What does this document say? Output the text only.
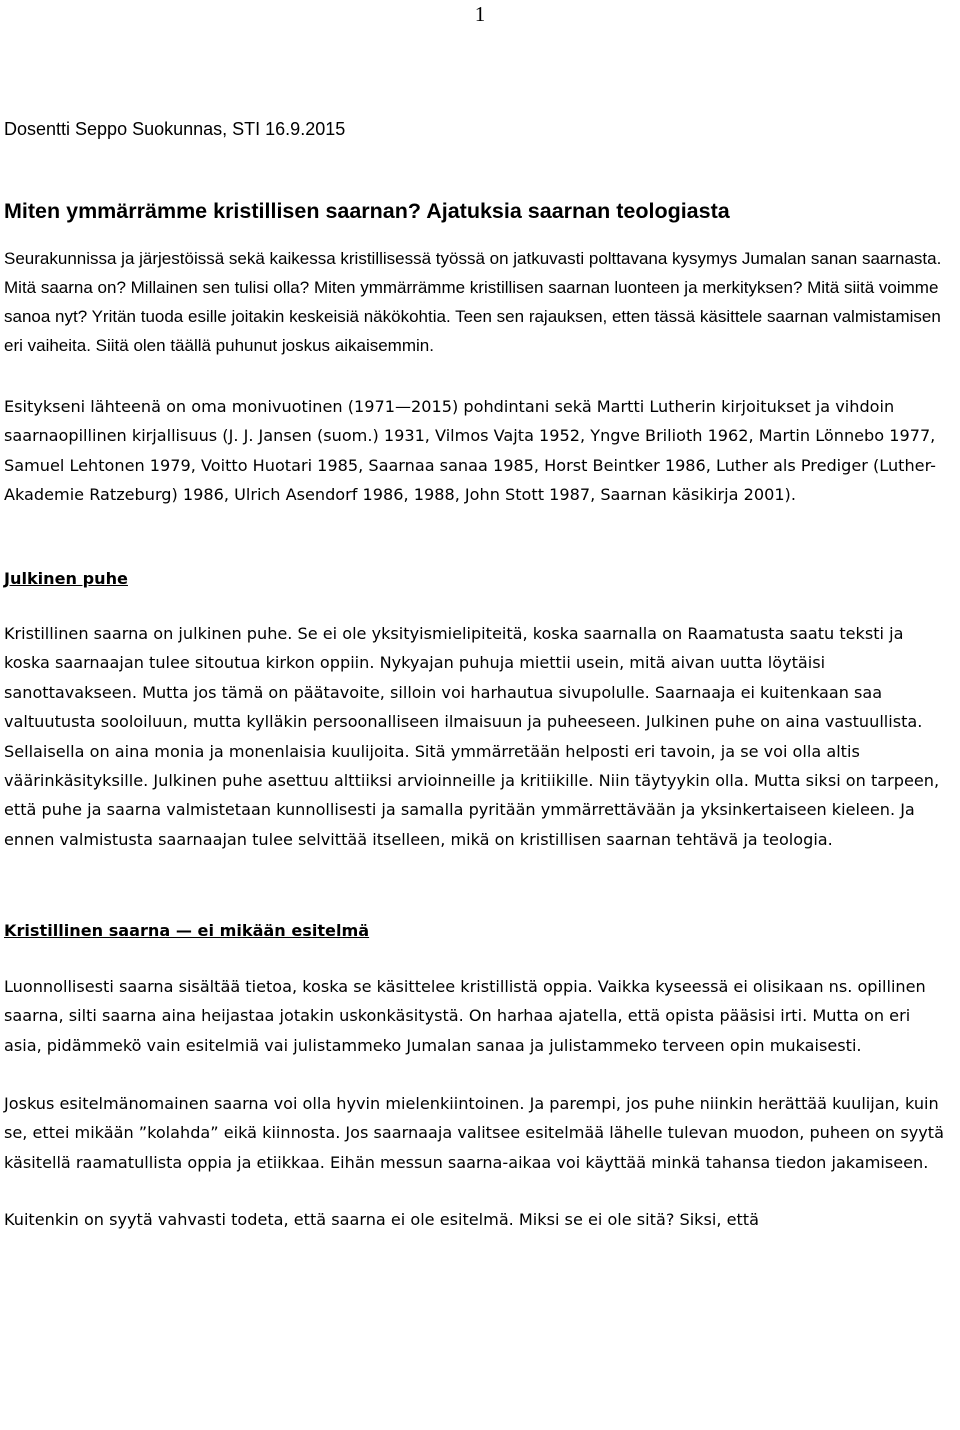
1

Dosentti Seppo Suokunnas, STI 16.9.2015

Miten ymmärrämme kristillisen saarnan? Ajatuksia saarnan teologiasta

Seurakunnissa ja järjestöissä sekä kaikessa kristillisessä työssä on jatkuvasti polttavana kysymys Jumalan sanan saarnasta. Mitä saarna on? Millainen sen tulisi olla? Miten ymmärrämme kristillisen saarnan luonteen ja merkityksen? Mitä siitä voimme sanoa nyt? Yritän tuoda esille joitakin keskeisiä näkökohtia. Teen sen rajauksen, etten tässä käsittele saarnan valmistamisen eri vaiheita. Siitä olen täällä puhunut joskus aikaisemmin.

Esitykseni lähteenä on oma monivuotinen (1971—2015) pohdintani sekä Martti Lutherin kirjoitukset ja vihdoin saarnaopillinen kirjallisuus (J. J. Jansen (suom.) 1931, Vilmos Vajta 1952, Yngve Brilioth 1962, Martin Lönnebo 1977, Samuel Lehtonen 1979, Voitto Huotari 1985, Saarnaa sanaa 1985, Horst Beintker 1986, Luther als Prediger (Luther-Akademie Ratzeburg) 1986, Ulrich Asendorf 1986, 1988, John Stott 1987, Saarnan käsikirja 2001).

Julkinen puhe

Kristillinen saarna on julkinen puhe. Se ei ole yksityismielipiteitä, koska saarnalla on Raamatusta saatu teksti ja koska saarnaajan tulee sitoutua kirkon oppiin. Nykyajan puhuja miettii usein, mitä aivan uutta löytäisi sanottavakseen. Mutta jos tämä on päätavoite, silloin voi harhautua sivupolulle. Saarnaaja ei kuitenkaan saa valtuutusta sooloiluun, mutta kylläkin persoonalliseen ilmaisuun ja puheeseen. Julkinen puhe on aina vastuullista. Sellaisella on aina monia ja monenlaisia kuulijoita. Sitä ymmärretään helposti eri tavoin, ja se voi olla altis väärinkäsityksille. Julkinen puhe asettuu alttiiksi arvioinneille ja kritiikille. Niin täytyykin olla. Mutta siksi on tarpeen, että puhe ja saarna valmistetaan kunnollisesti ja samalla pyritään ymmärrettävään ja yksinkertaiseen kieleen. Ja ennen valmistusta saarnaajan tulee selvittää itselleen, mikä on kristillisen saarnan tehtävä ja teologia.

Kristillinen saarna — ei mikään esitelmä

Luonnollisesti saarna sisältää tietoa, koska se käsittelee kristillistä oppia. Vaikka kyseessä ei olisikaan ns. opillinen saarna, silti saarna aina heijastaa jotakin uskonkäsitystä. On harhaa ajatella, että opista pääsisi irti. Mutta on eri asia, pidämmekö vain esitelmiä vai julistammeko Jumalan sanaa ja julistammeko terveen opin mukaisesti.

Joskus esitelmänomainen saarna voi olla hyvin mielenkiintoinen. Ja parempi, jos puhe niinkin herättää kuulijan, kuin se, ettei mikään ”kolahda” eikä kiinnosta. Jos saarnaaja valitsee esitelmää lähelle tulevan muodon, puheen on syytä käsitellä raamatullista oppia ja etiikkaa. Eihän messun saarna-aikaa voi käyttää minkä tahansa tiedon jakamiseen.

Kuitenkin on syytä vahvasti todeta, että saarna ei ole esitelmä. Miksi se ei ole sitä? Siksi, että
